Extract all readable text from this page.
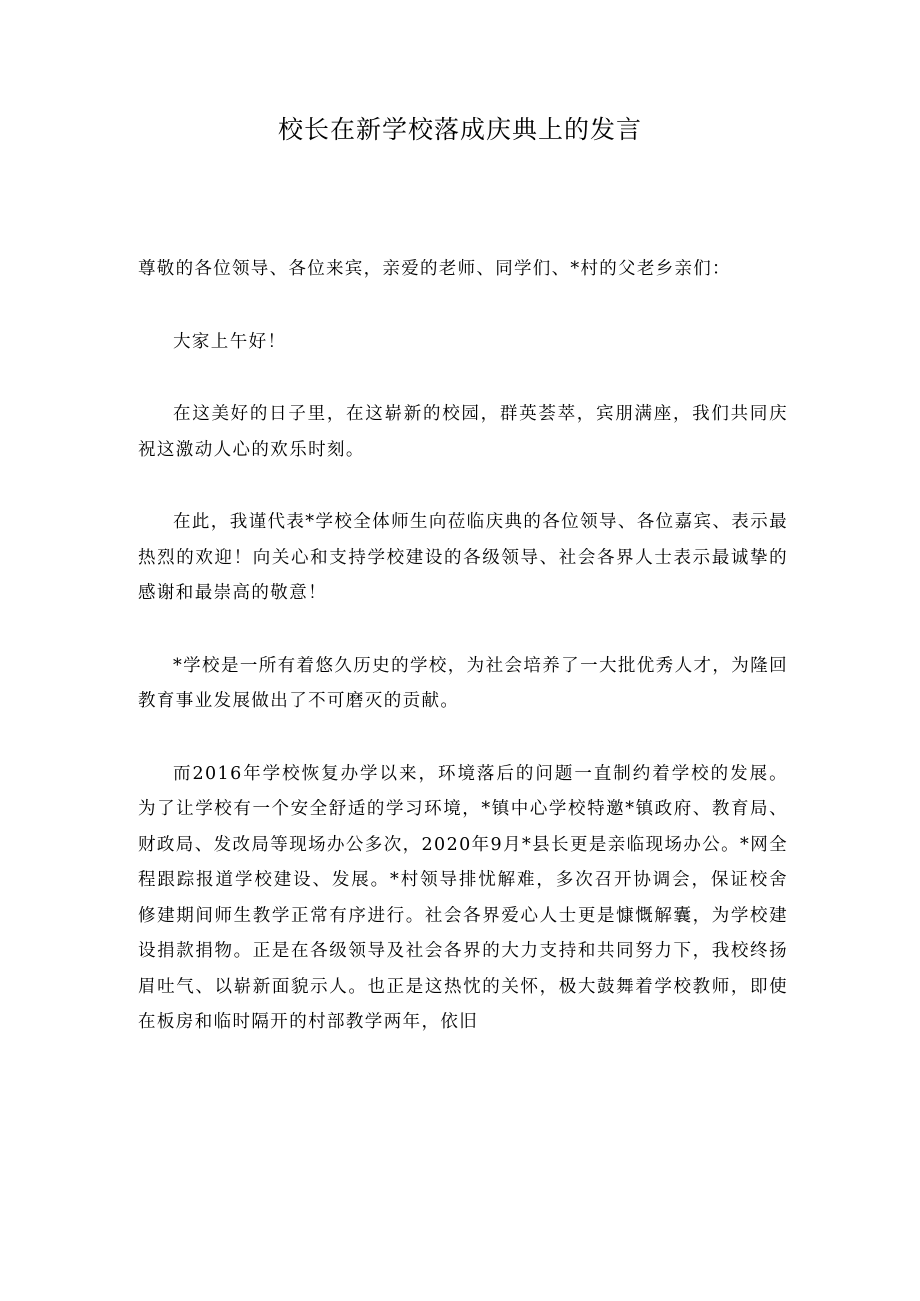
校长在新学校落成庆典上的发言

尊敬的各位领导、各位来宾，亲爱的老师、同学们、*村的父老乡亲们：

大家上午好！

在这美好的日子里，在这崭新的校园，群英荟萃，宾朋满座，我们共同庆祝这激动人心的欢乐时刻。

在此，我谨代表*学校全体师生向莅临庆典的各位领导、各位嘉宾、表示最热烈的欢迎！向关心和支持学校建设的各级领导、社会各界人士表示最诚挚的感谢和最崇高的敬意！

*学校是一所有着悠久历史的学校，为社会培养了一大批优秀人才，为隆回教育事业发展做出了不可磨灭的贡献。

而2016年学校恢复办学以来，环境落后的问题一直制约着学校的发展。为了让学校有一个安全舒适的学习环境，*镇中心学校特邀*镇政府、教育局、财政局、发改局等现场办公多次，2020年9月*县长更是亲临现场办公。*网全程跟踪报道学校建设、发展。*村领导排忧解难，多次召开协调会，保证校舍修建期间师生教学正常有序进行。社会各界爱心人士更是慷慨解囊，为学校建设捐款捐物。正是在各级领导及社会各界的大力支持和共同努力下，我校终扬眉吐气、以崭新面貌示人。也正是这热忱的关怀，极大鼓舞着学校教师，即使在板房和临时隔开的村部教学两年，依旧
